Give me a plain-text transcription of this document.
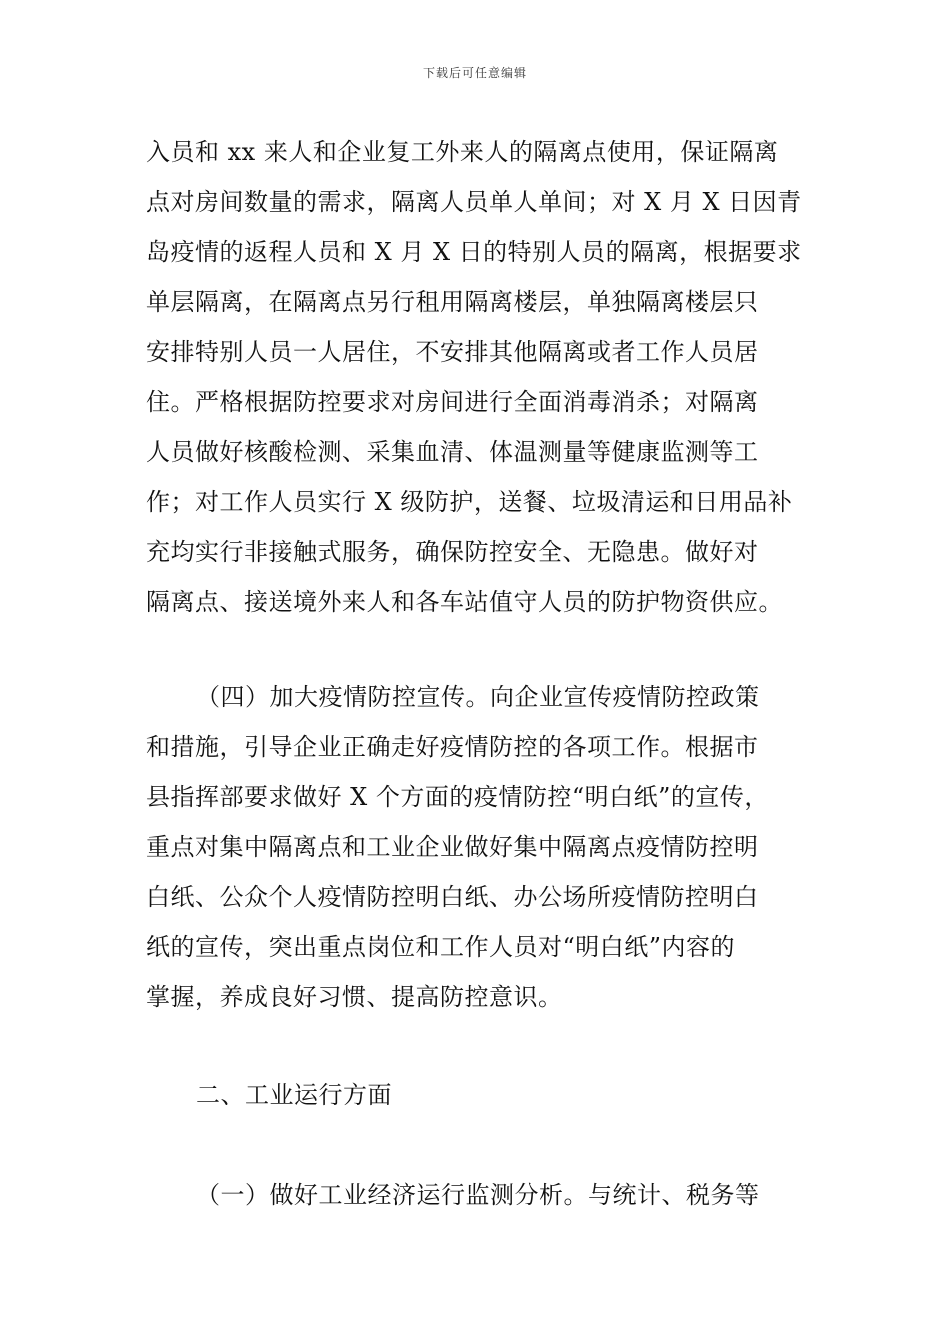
下载后可任意编辑
入员和 xx 来人和企业复工外来人的隔离点使用，保证隔离
点对房间数量的需求，隔离人员单人单间；对 X 月 X 日因青
岛疫情的返程人员和 X 月 X 日的特别人员的隔离，根据要求
单层隔离，在隔离点另行租用隔离楼层，单独隔离楼层只
安排特别人员一人居住，不安排其他隔离或者工作人员居
住。严格根据防控要求对房间进行全面消毒消杀；对隔离
人员做好核酸检测、采集血清、体温测量等健康监测等工
作；对工作人员实行 X 级防护，送餐、垃圾清运和日用品补
充均实行非接触式服务，确保防控安全、无隐患。做好对
隔离点、接送境外来人和各车站值守人员的防护物资供应。
（四）加大疫情防控宣传。向企业宣传疫情防控政策
和措施，引导企业正确走好疫情防控的各项工作。根据市
县指挥部要求做好 X 个方面的疫情防控“明白纸”的宣传，
重点对集中隔离点和工业企业做好集中隔离点疫情防控明
白纸、公众个人疫情防控明白纸、办公场所疫情防控明白
纸的宣传，突出重点岗位和工作人员对“明白纸”内容的
掌握，养成良好习惯、提高防控意识。
二、工业运行方面
（一）做好工业经济运行监测分析。与统计、税务等
